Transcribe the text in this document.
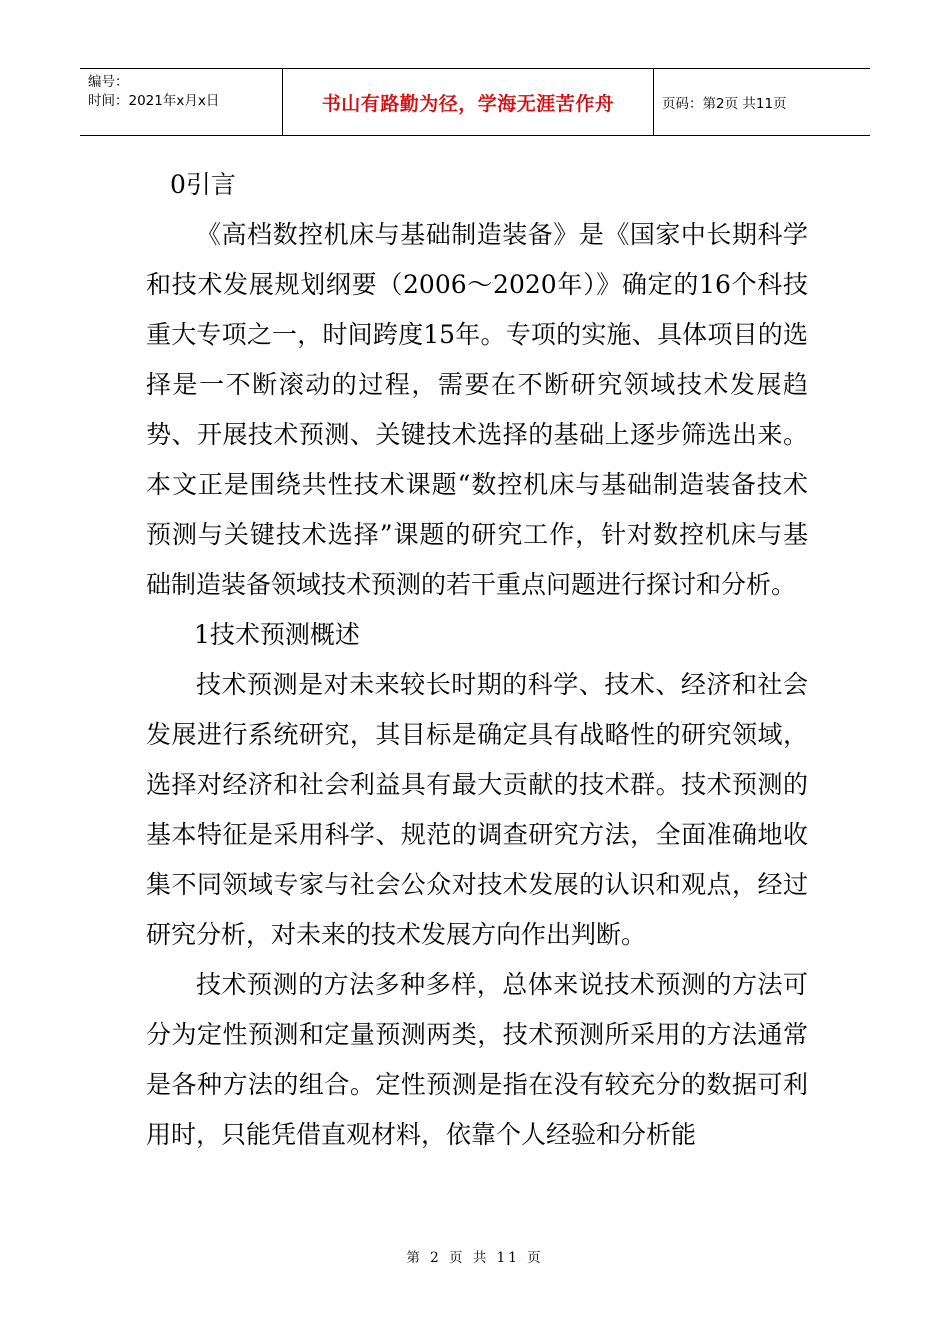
编号：
时间：2021年x月x日	书山有路勤为径，学海无涯苦作舟	页码：第2页 共11页

0引言

《高档数控机床与基础制造装备》是《国家中长期科学和技术发展规划纲要（2006～2020年）》确定的16个科技重大专项之一，时间跨度15年。专项的实施、具体项目的选择是一不断滚动的过程，需要在不断研究领域技术发展趋势、开展技术预测、关键技术选择的基础上逐步筛选出来。本文正是围绕共性技术课题“数控机床与基础制造装备技术预测与关键技术选择”课题的研究工作，针对数控机床与基础制造装备领域技术预测的若干重点问题进行探讨和分析。

1技术预测概述

技术预测是对未来较长时期的科学、技术、经济和社会发展进行系统研究，其目标是确定具有战略性的研究领域，选择对经济和社会利益具有最大贡献的技术群。技术预测的基本特征是采用科学、规范的调查研究方法，全面准确地收集不同领域专家与社会公众对技术发展的认识和观点，经过研究分析，对未来的技术发展方向作出判断。

技术预测的方法多种多样，总体来说技术预测的方法可分为定性预测和定量预测两类，技术预测所采用的方法通常是各种方法的组合。定性预测是指在没有较充分的数据可利用时，只能凭借直观材料，依靠个人经验和分析能

第 2 页 共 11 页
